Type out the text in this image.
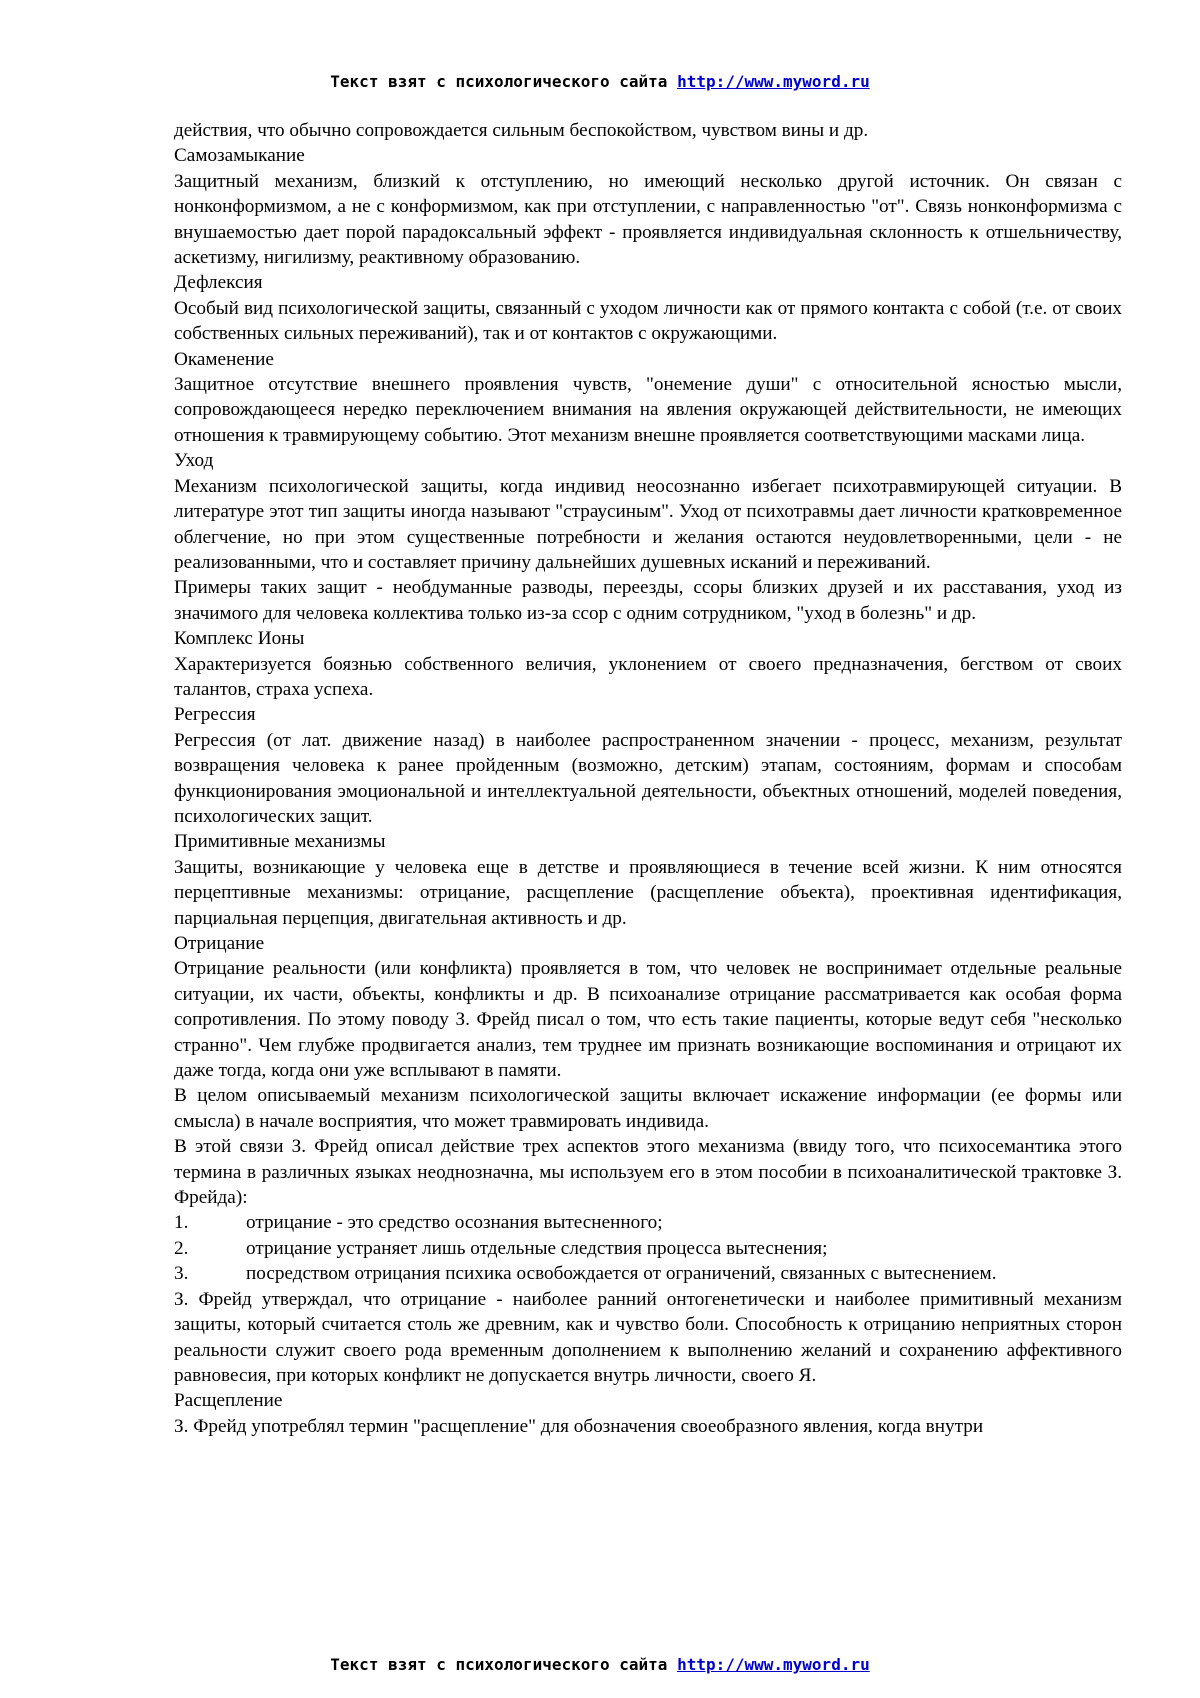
Текст взят с психологического сайта http://www.myword.ru

действия, что обычно сопровождается сильным беспокойством, чувством вины и др.

Самозамыкание

Защитный механизм, близкий к отступлению, но имеющий несколько другой источник. Он связан с нонконформизмом, а не с конформизмом, как при отступлении, с направленностью "от". Связь нонконформизма с внушаемостью дает порой парадоксальный эффект - проявляется индивидуальная склонность к отшельничеству, аскетизму, нигилизму, реактивному образованию.

Дефлексия

Особый вид психологической защиты, связанный с уходом личности как от прямого контакта с собой (т.е. от своих собственных сильных переживаний), так и от контактов с окружающими.

Окаменение

Защитное отсутствие внешнего проявления чувств, "онемение души" с относительной ясностью мысли, сопровождающееся нередко переключением внимания на явления окружающей действительности, не имеющих отношения к травмирующему событию. Этот механизм внешне проявляется соответствующими масками лица.

Уход

Механизм психологической защиты, когда индивид неосознанно избегает психотравмирующей ситуации. В литературе этот тип защиты иногда называют "страусиным". Уход от психотравмы дает личности кратковременное облегчение, но при этом существенные потребности и желания остаются неудовлетворенными, цели - не реализованными, что и составляет причину дальнейших душевных исканий и переживаний.

Примеры таких защит - необдуманные разводы, переезды, ссоры близких друзей и их расставания, уход из значимого для человека коллектива только из-за ссор с одним сотрудником, "уход в болезнь" и др.

Комплекс Ионы

Характеризуется боязнью собственного величия, уклонением от своего предназначения, бегством от своих талантов, страха успеха.

Регрессия

Регрессия (от лат. движение назад) в наиболее распространенном значении - процесс, механизм, результат возвращения человека к ранее пройденным (возможно, детским) этапам, состояниям, формам и способам функционирования эмоциональной и интеллектуальной деятельности, объектных отношений, моделей поведения, психологических защит.

Примитивные механизмы

Защиты, возникающие у человека еще в детстве и проявляющиеся в течение всей жизни. К ним относятся перцептивные механизмы: отрицание, расщепление (расщепление объекта), проективная идентификация, парциальная перцепция, двигательная активность и др.

Отрицание

Отрицание реальности (или конфликта) проявляется в том, что человек не воспринимает отдельные реальные ситуации, их части, объекты, конфликты и др. В психоанализе отрицание рассматривается как особая форма сопротивления. По этому поводу З. Фрейд писал о том, что есть такие пациенты, которые ведут себя "несколько странно". Чем глубже продвигается анализ, тем труднее им признать возникающие воспоминания и отрицают их даже тогда, когда они уже всплывают в памяти.

В целом описываемый механизм психологической защиты включает искажение информации (ее формы или смысла) в начале восприятия, что может травмировать индивида.

В этой связи З. Фрейд описал действие трех аспектов этого механизма (ввиду того, что психосемантика этого термина в различных языках неоднозначна, мы используем его в этом пособии в психоаналитической трактовке З. Фрейда):

1.	отрицание - это средство осознания вытесненного;
2.	отрицание устраняет лишь отдельные следствия процесса вытеснения;
3.	посредством отрицания психика освобождается от ограничений, связанных с вытеснением.

З. Фрейд утверждал, что отрицание - наиболее ранний онтогенетически и наиболее примитивный механизм защиты, который считается столь же древним, как и чувство боли. Способность к отрицанию неприятных сторон реальности служит своего рода временным дополнением к выполнению желаний и сохранению аффективного равновесия, при которых конфликт не допускается внутрь личности, своего Я.

Расщепление

З. Фрейд употреблял термин "расщепление" для обозначения своеобразного явления, когда внутри

Текст взят с психологического сайта http://www.myword.ru
